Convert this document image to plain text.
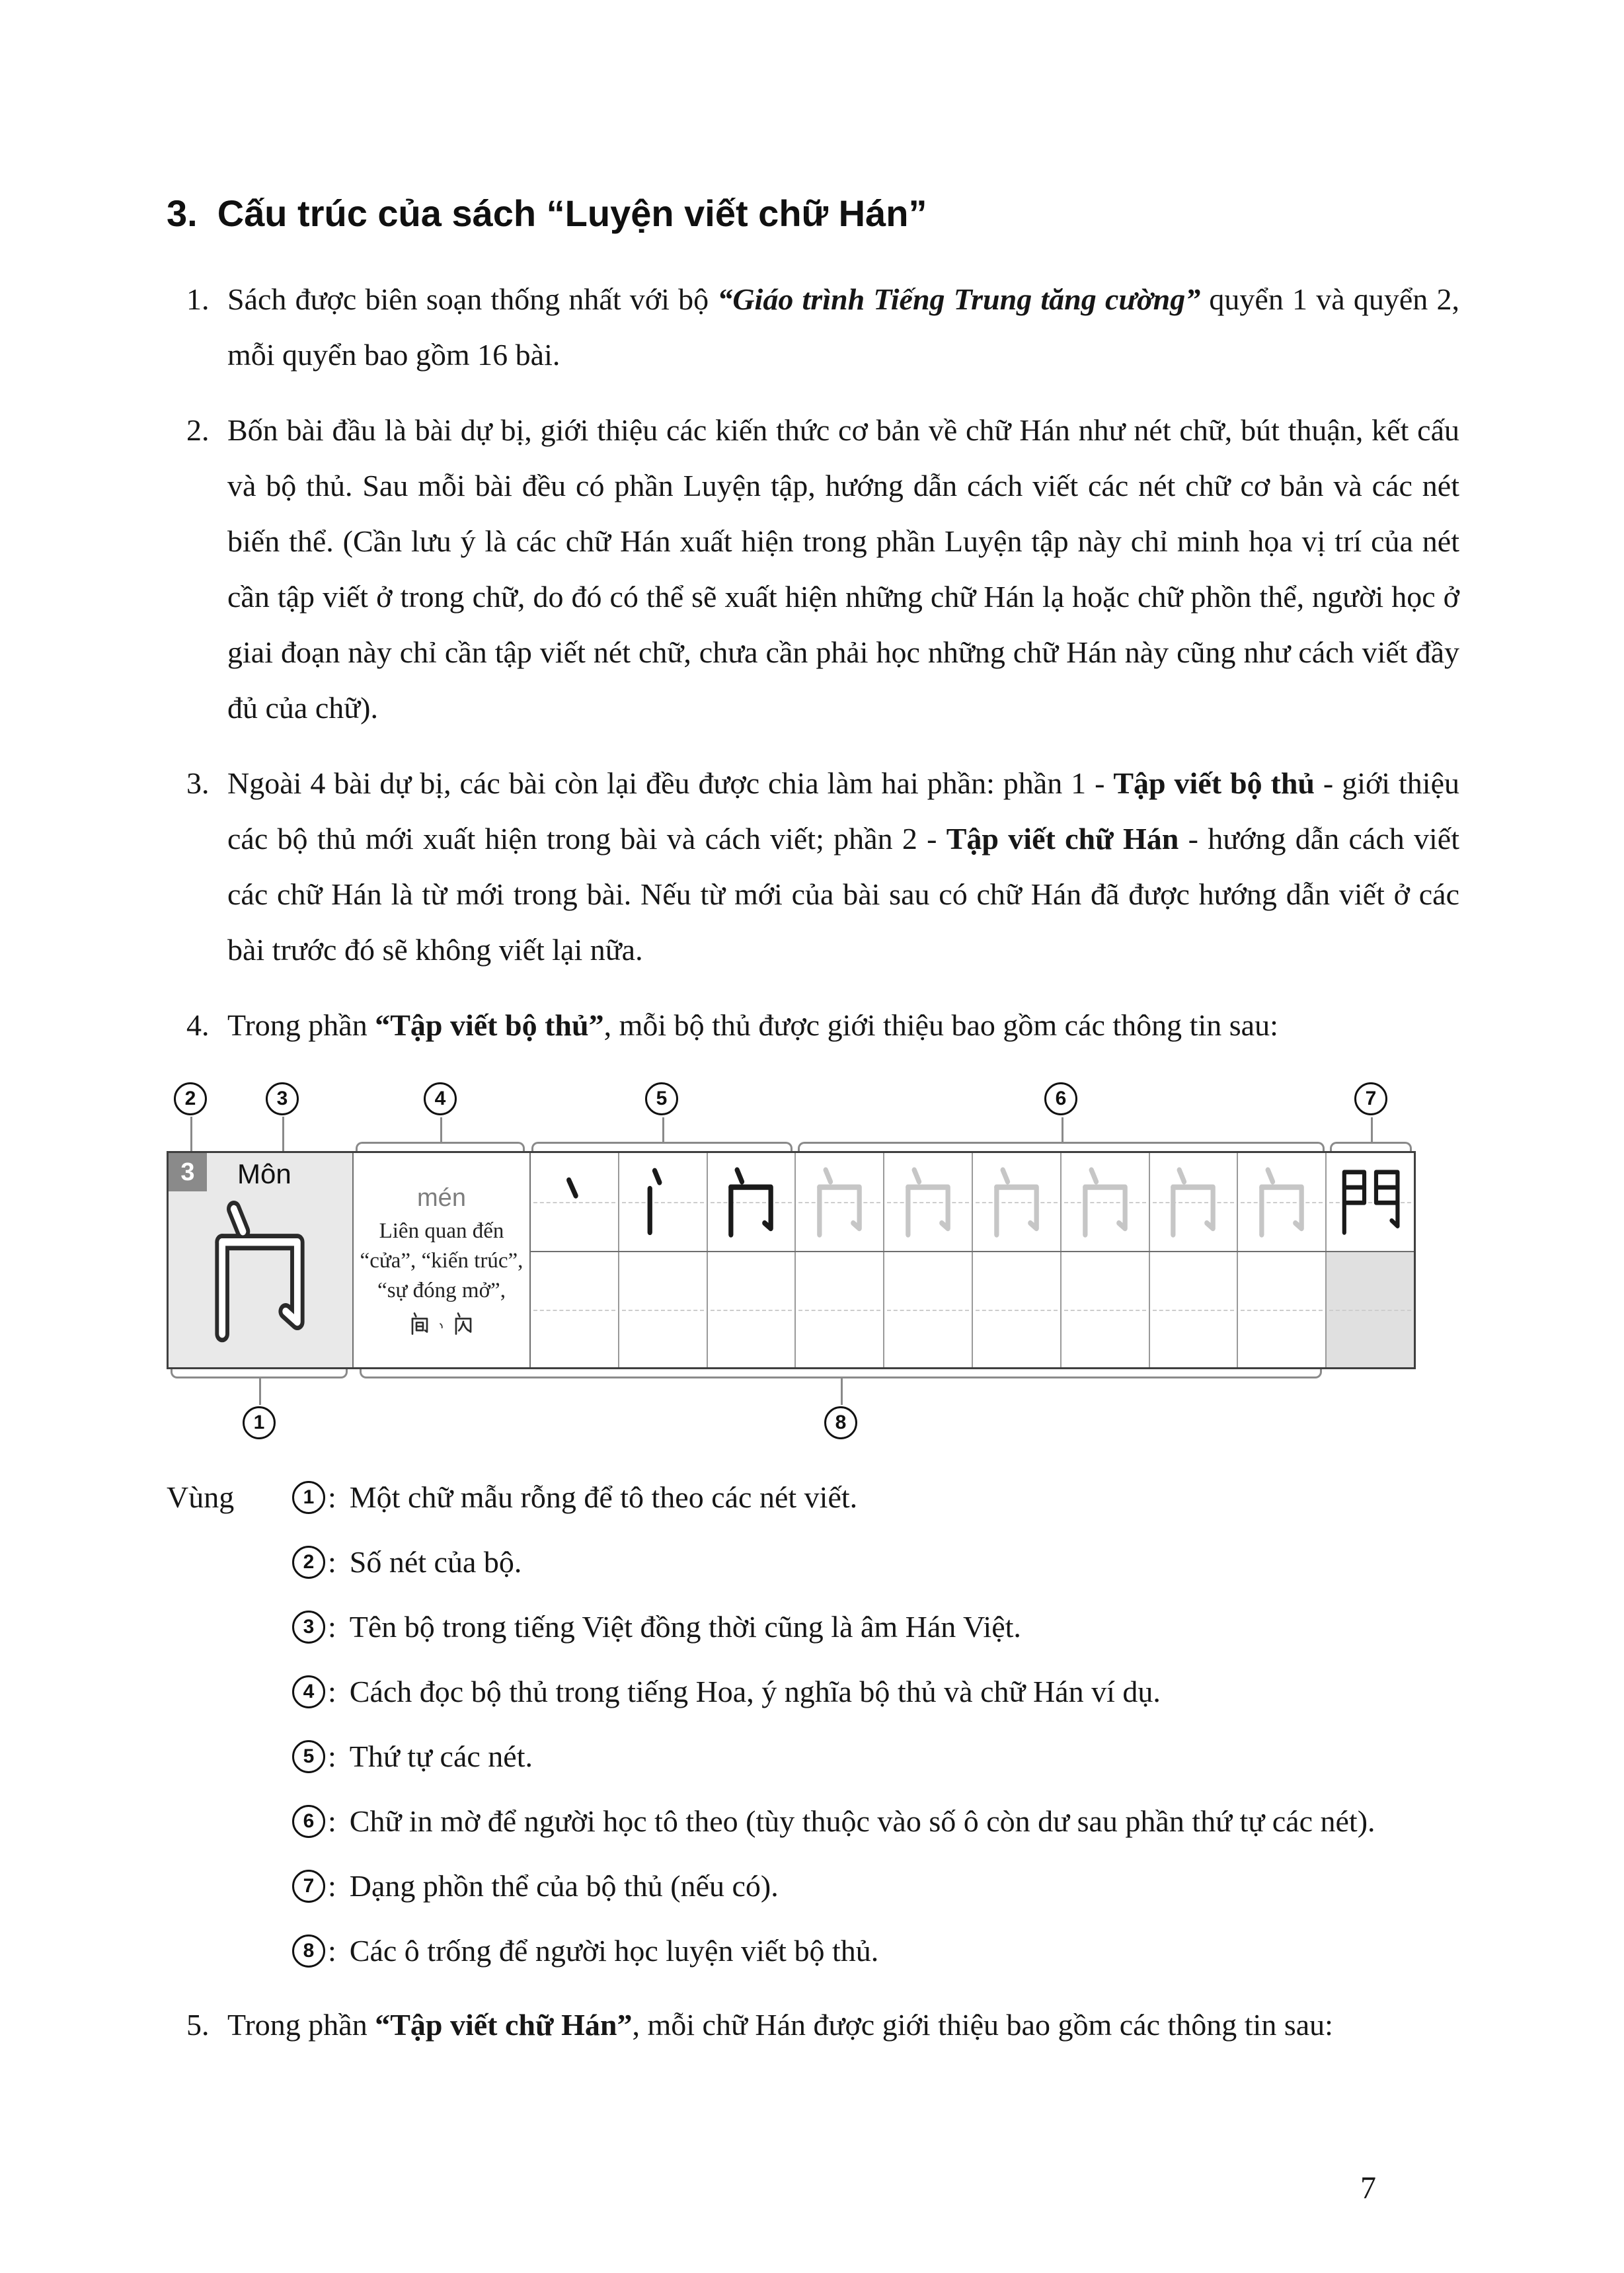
3. Cấu trúc của sách “Luyện viết chữ Hán”
1. Sách được biên soạn thống nhất với bộ “Giáo trình Tiếng Trung tăng cường” quyển 1 và quyển 2, mỗi quyển bao gồm 16 bài.
2. Bốn bài đầu là bài dự bị, giới thiệu các kiến thức cơ bản về chữ Hán như nét chữ, bút thuận, kết cấu và bộ thủ. Sau mỗi bài đều có phần Luyện tập, hướng dẫn cách viết các nét chữ cơ bản và các nét biến thể. (Cần lưu ý là các chữ Hán xuất hiện trong phần Luyện tập này chỉ minh họa vị trí của nét cần tập viết ở trong chữ, do đó có thể sẽ xuất hiện những chữ Hán lạ hoặc chữ phồn thể, người học ở giai đoạn này chỉ cần tập viết nét chữ, chưa cần phải học những chữ Hán này cũng như cách viết đầy đủ của chữ).
3. Ngoài 4 bài dự bị, các bài còn lại đều được chia làm hai phần: phần 1 - Tập viết bộ thủ - giới thiệu các bộ thủ mới xuất hiện trong bài và cách viết; phần 2 - Tập viết chữ Hán - hướng dẫn cách viết các chữ Hán là từ mới trong bài. Nếu từ mới của bài sau có chữ Hán đã được hướng dẫn viết ở các bài trước đó sẽ không viết lại nữa.
4. Trong phần “Tập viết bộ thủ”, mỗi bộ thủ được giới thiệu bao gồm các thông tin sau:
2	3	4	5	6	7
3	Môn
mén
Liên quan đến
“cửa”, “kiến trúc”,
“sự đóng mở”,
1	8
Vùng	1 : Một chữ mẫu rỗng để tô theo các nét viết.
2 : Số nét của bộ.
3 : Tên bộ trong tiếng Việt đồng thời cũng là âm Hán Việt.
4 : Cách đọc bộ thủ trong tiếng Hoa, ý nghĩa bộ thủ và chữ Hán ví dụ.
5 : Thứ tự các nét.
6 : Chữ in mờ để người học tô theo (tùy thuộc vào số ô còn dư sau phần thứ tự các nét).
7 : Dạng phồn thể của bộ thủ (nếu có).
8 : Các ô trống để người học luyện viết bộ thủ.
5. Trong phần “Tập viết chữ Hán”, mỗi chữ Hán được giới thiệu bao gồm các thông tin sau:
7
